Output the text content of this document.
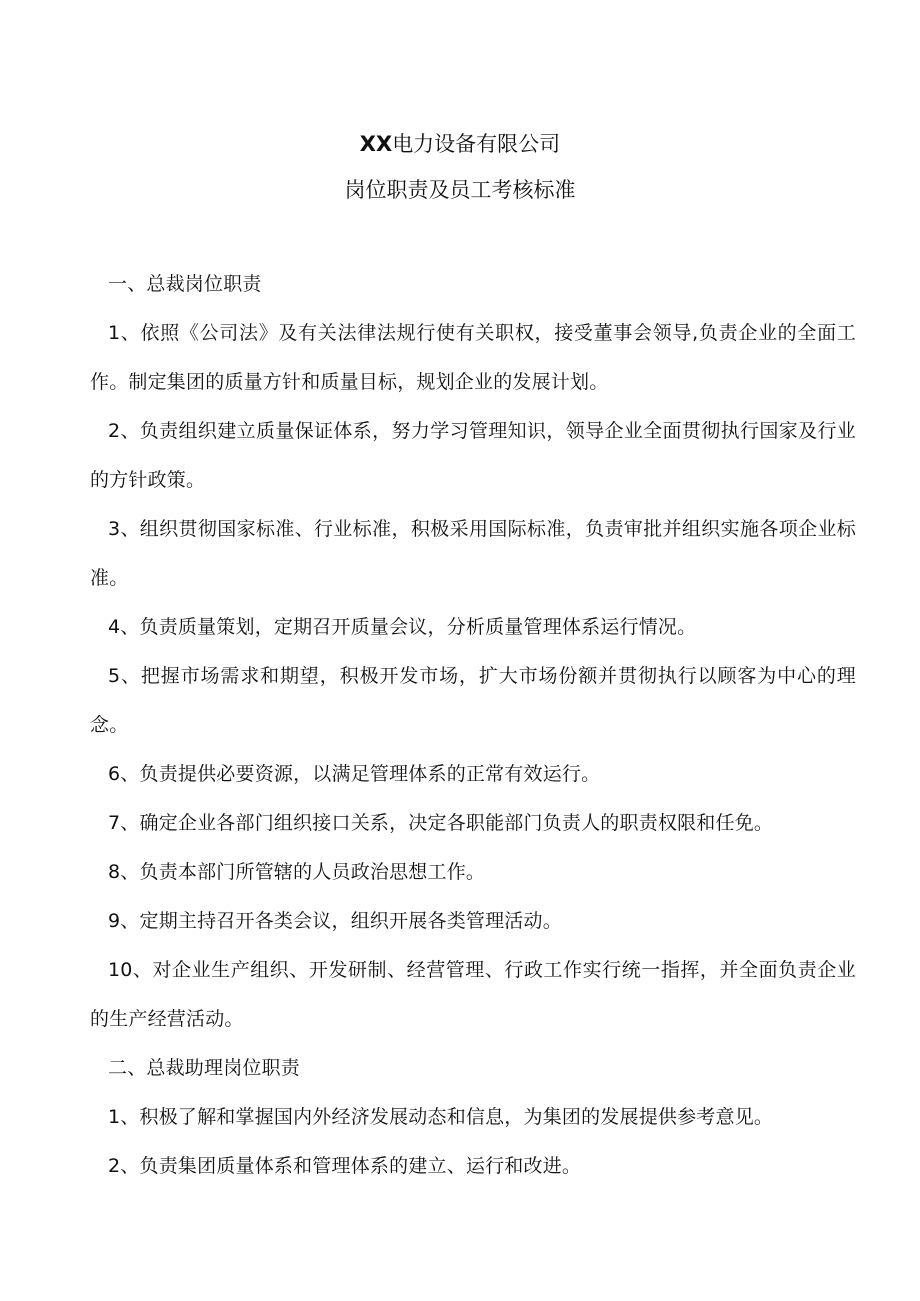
XX电力设备有限公司
岗位职责及员工考核标准

一、总裁岗位职责

1、依照《公司法》及有关法律法规行使有关职权，接受董事会领导,负责企业的全面工作。制定集团的质量方针和质量目标，规划企业的发展计划。

2、负责组织建立质量保证体系，努力学习管理知识，领导企业全面贯彻执行国家及行业的方针政策。

3、组织贯彻国家标准、行业标准，积极采用国际标准，负责审批并组织实施各项企业标准。

4、负责质量策划，定期召开质量会议，分析质量管理体系运行情况。

5、把握市场需求和期望，积极开发市场，扩大市场份额并贯彻执行以顾客为中心的理念。

6、负责提供必要资源，以满足管理体系的正常有效运行。

7、确定企业各部门组织接口关系，决定各职能部门负责人的职责权限和任免。

8、负责本部门所管辖的人员政治思想工作。

9、定期主持召开各类会议，组织开展各类管理活动。

10、对企业生产组织、开发研制、经营管理、行政工作实行统一指挥，并全面负责企业的生产经营活动。

二、总裁助理岗位职责

1、积极了解和掌握国内外经济发展动态和信息，为集团的发展提供参考意见。

2、负责集团质量体系和管理体系的建立、运行和改进。
